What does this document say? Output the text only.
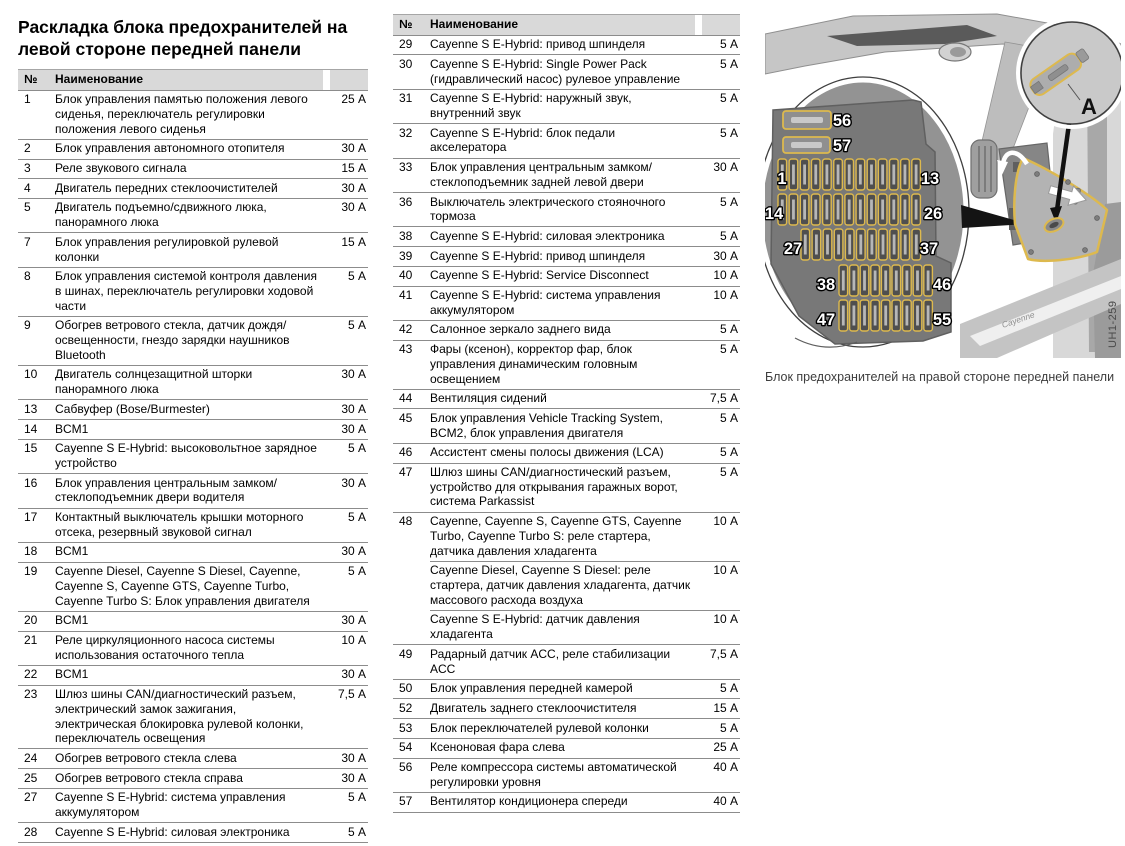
Раскладка блока предохранителей на левой стороне передней панели
№	Наименование		
1	Блок управления памятью положения левого сиденья, переключатель регулировки положения левого сиденья		25 А
2	Блок управления автономного отопителя		30 А
3	Реле звукового сигнала		15 А
4	Двигатель передних стеклоочистителей		30 А
5	Двигатель подъемно/сдвижного люка, панорамного люка		30 А
7	Блок управления регулировкой рулевой колонки		15 А
8	Блок управления системой контроля давления в шинах, переключатель регулировки ходовой части		5 А
9	Обогрев ветрового стекла, датчик дождя/освещенности, гнездо зарядки наушников Bluetooth		5 А
10	Двигатель солнцезащитной шторки панорамного люка		30 А
13	Сабвуфер (Bose/Burmester)		30 А
14	BCM1		30 А
15	Cayenne S E-Hybrid: высоковольтное зарядное устройство		5 А
16	Блок управления центральным замком/ стеклоподъемник двери водителя		30 А
17	Контактный выключатель крышки моторного отсека, резервный звуковой сигнал		5 А
18	BCM1		30 А
19	Cayenne Diesel, Cayenne S Diesel, Cayenne, Cayenne S, Cayenne GTS, Cayenne Turbo, Cayenne Turbo S: Блок управления двигателя		5 А
20	BCM1		30 А
21	Реле циркуляционного насоса системы использования остаточного тепла		10 А
22	BCM1		30 А
23	Шлюз шины CAN/диагностический разъем, электрический замок зажигания, электрическая блокировка рулевой колонки, переключатель освещения		7,5 А
24	Обогрев ветрового стекла слева		30 А
25	Обогрев ветрового стекла справа		30 А
27	Cayenne S E-Hybrid: система управления аккумулятором		5 А
28	Cayenne S E-Hybrid: силовая электроника		5 А
№	Наименование		
29	Cayenne S E-Hybrid: привод шпинделя		5 А
30	Cayenne S E-Hybrid: Single Power Pack (гидравлический насос) рулевое управление		5 А
31	Cayenne S E-Hybrid: наружный звук, внутренний звук		5 А
32	Cayenne S E-Hybrid: блок педали акселератора		5 А
33	Блок управления центральным замком/ стеклоподъемник задней левой двери		30 А
36	Выключатель электрического стояночного тормоза		5 А
38	Cayenne S E-Hybrid: силовая электроника		5 А
39	Cayenne S E-Hybrid: привод шпинделя		30 А
40	Cayenne S E-Hybrid: Service Disconnect		10 А
41	Cayenne S E-Hybrid: система управления аккумулятором		10 А
42	Салонное зеркало заднего вида		5 А
43	Фары (ксенон), корректор фар, блок управления динамическим головным освещением		5 А
44	Вентиляция сидений		7,5 А
45	Блок управления Vehicle Tracking System, BCM2, блок управления двигателя		5 А
46	Ассистент смены полосы движения (LCA)		5 А
47	Шлюз шины CAN/диагностический разъем, устройство для открывания гаражных ворот, система Parkassist		5 А
48	Cayenne, Cayenne S, Cayenne GTS, Cayenne Turbo, Cayenne Turbo S: реле стартера, датчика давления хладагента		10 А
	Cayenne Diesel, Cayenne S Diesel: реле стартера, датчик давления хладагента, датчик массового расхода воздуха		10 А
	Cayenne S E-Hybrid: датчик давления хладагента		10 А
49	Радарный датчик ACC, реле стабилизации ACC		7,5 А
50	Блок управления передней камерой		5 А
52	Двигатель заднего стеклоочистителя		15 А
53	Блок переключателей рулевой колонки		5 А
54	Ксеноновая фара слева		25 А
56	Реле компрессора системы автоматической регулировки уровня		40 А
57	Вентилятор кондиционера спереди		40 А
Cayenne
56
57
1	13
14	26
27	37
38	46
47	55
A
UH1-259
Блок предохранителей на правой стороне передней панели
